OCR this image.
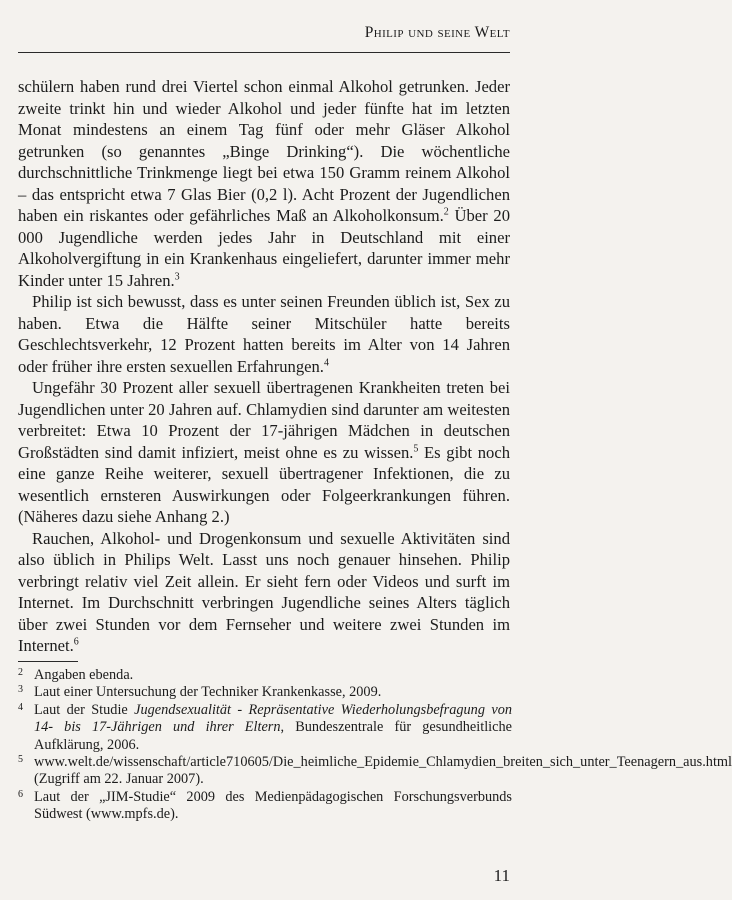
Philip und seine Welt

schülern haben rund drei Viertel schon einmal Alkohol getrunken. Jeder zweite trinkt hin und wieder Alkohol und jeder fünfte hat im letzten Monat mindestens an einem Tag fünf oder mehr Gläser Alkohol getrunken (so genanntes „Binge Drinking“). Die wöchentliche durchschnittliche Trinkmenge liegt bei etwa 150 Gramm reinem Alkohol – das entspricht etwa 7 Glas Bier (0,2 l). Acht Prozent der Jugendlichen haben ein riskantes oder gefährliches Maß an Alkoholkonsum.$^2$ Über 20 000 Jugendliche werden jedes Jahr in Deutschland mit einer Alkoholvergiftung in ein Krankenhaus eingeliefert, darunter immer mehr Kinder unter 15 Jahren.$^3$

Philip ist sich bewusst, dass es unter seinen Freunden üblich ist, Sex zu haben. Etwa die Hälfte seiner Mitschüler hatte bereits Geschlechtsverkehr, 12 Prozent hatten bereits im Alter von 14 Jahren oder früher ihre ersten sexuellen Erfahrungen.$^4$

Ungefähr 30 Prozent aller sexuell übertragenen Krankheiten treten bei Jugendlichen unter 20 Jahren auf. Chlamydien sind darunter am weitesten verbreitet: Etwa 10 Prozent der 17-jährigen Mädchen in deutschen Großstädten sind damit infiziert, meist ohne es zu wissen.$^5$ Es gibt noch eine ganze Reihe weiterer, sexuell übertragener Infektionen, die zu wesentlich ernsteren Auswirkungen oder Folgeerkrankungen führen. (Näheres dazu siehe Anhang 2.)

Rauchen, Alkohol- und Drogenkonsum und sexuelle Aktivitäten sind also üblich in Philips Welt. Lasst uns noch genauer hinsehen. Philip verbringt relativ viel Zeit allein. Er sieht fern oder Videos und surft im Internet. Im Durchschnitt verbringen Jugendliche seines Alters täglich über zwei Stunden vor dem Fernseher und weitere zwei Stunden im Internet.$^6$

2 Angaben ebenda.
3 Laut einer Untersuchung der Techniker Krankenkasse, 2009.
4 Laut der Studie Jugendsexualität - Repräsentative Wiederholungsbefragung von 14- bis 17-Jährigen und ihrer Eltern, Bundeszentrale für gesundheitliche Aufklärung, 2006.
5 www.welt.de/wissenschaft/article710605/Die_heimliche_Epidemie_Chlamydien_breiten_sich_unter_Teenagern_aus.html (Zugriff am 22. Januar 2007).
6 Laut der „JIM-Studie“ 2009 des Medienpädagogischen Forschungsverbunds Südwest (www.mpfs.de).
11
